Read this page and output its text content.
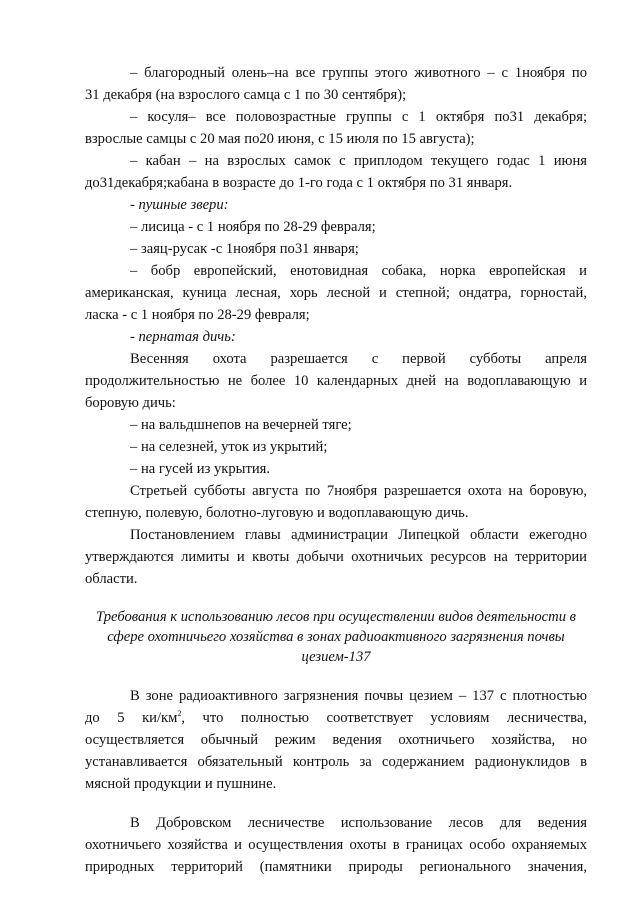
– благородный олень–на все группы этого животного – с 1ноября по
31 декабря (на взрослого самца с 1 по 30 сентября);
– косуля– все половозрастные группы с 1 октября по31 декабря;
взрослые самцы с 20 мая по20 июня, с 15 июля по 15 августа);
– кабан – на взрослых самок с приплодом текущего годас 1 июня
до31декабря;кабана в возрасте до 1-го года с 1 октября по 31 января.
- пушные звери:
– лисица - с 1 ноября по 28-29 февраля;
– заяц-русак -с 1ноября по31 января;
– бобр европейский, енотовидная собака, норка европейская и
американская, куница лесная, хорь лесной и степной; ондатра, горностай,
ласка - с 1 ноября по 28-29 февраля;
- пернатая дичь:
Весенняя охота разрешается с первой субботы апреля
продолжительностью не более 10 календарных дней на водоплавающую и
боровую дичь:
– на вальдшнепов на вечерней тяге;
– на селезней, уток из укрытий;
– на гусей из укрытия.
Стретьей субботы августа по 7ноября разрешается охота на боровую,
степную, полевую, болотно-луговую и водоплавающую дичь.
Постановлением главы администрации Липецкой области ежегодно
утверждаются лимиты и квоты добычи охотничьих ресурсов на территории
области.
Требования к использованию лесов при осуществлении видов деятельности в
сфере охотничьего хозяйства в зонах радиоактивного загрязнения почвы
цезием-137
В зоне радиоактивного загрязнения почвы цезием – 137 с плотностью
до 5 $ки/км^2$, что полностью соответствует условиям лесничества,
осуществляется обычный режим ведения охотничьего хозяйства, но
устанавливается обязательный контроль за содержанием радионуклидов в
мясной продукции и пушнине.
В Добровском лесничестве использование лесов для ведения
охотничьего хозяйства и осуществления охоты в границах особо охраняемых
природных территорий (памятники природы регионального значения,
